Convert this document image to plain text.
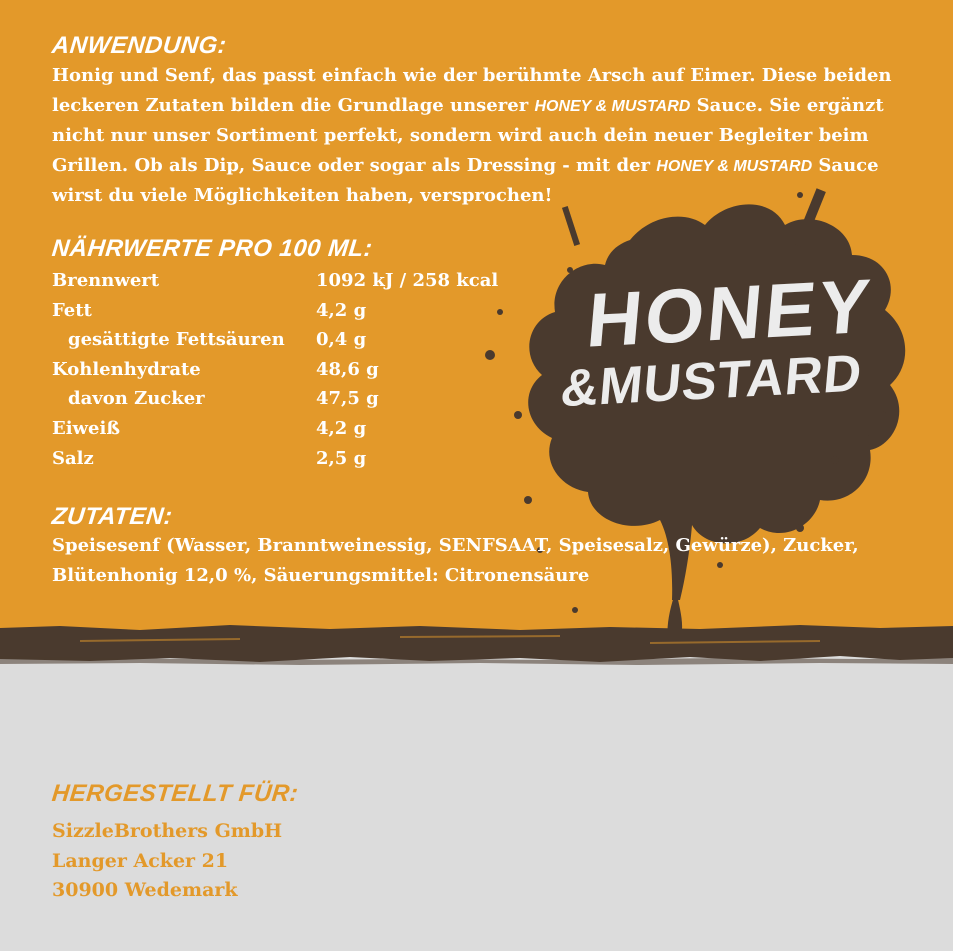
HONEY
&MUSTARD
ANWENDUNG:

Honig und Senf, das passt einfach wie der berühmte Arsch auf Eimer. Diese beiden leckeren Zutaten bilden die Grundlage unserer HONEY & MUSTARD Sauce. Sie ergänzt nicht nur unser Sortiment perfekt, sondern wird auch dein neuer Begleiter beim Grillen. Ob als Dip, Sauce oder sogar als Dressing - mit der HONEY & MUSTARD Sauce wirst du viele Möglichkeiten haben, versprochen!

NÄHRWERTE PRO 100 ML:
Brennwert	1092 kJ / 258 kcal
Fett	4,2 g
gesättigte Fettsäuren	0,4 g
Kohlenhydrate	48,6 g
davon Zucker	47,5 g
Eiweiß	4,2 g
Salz	2,5 g
ZUTATEN:

Speisesenf (Wasser, Branntweinessig, SENFSAAT, Speisesalz, Gewürze), Zucker, Blütenhonig 12,0 %, Säuerungsmittel: Citronensäure

HERGESTELLT FÜR:
SizzleBrothers GmbH
Langer Acker 21
30900 Wedemark
